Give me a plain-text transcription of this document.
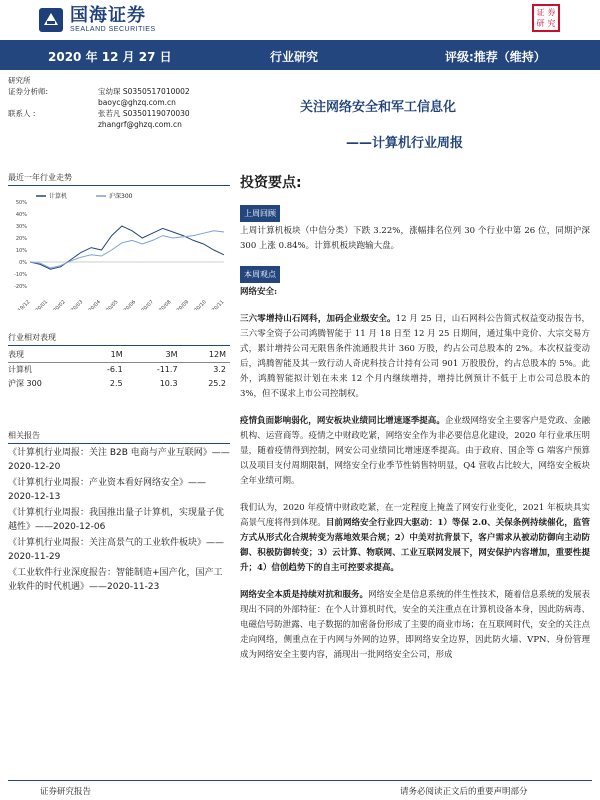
国海证券
SEALAND SECURITIES
证 券
研 究
2020 年 12 月 27 日	行业研究	评级:推荐（维持）
研究所
证券分析师:	宝幼琛 S0350517010002
baoyc@ghzq.com.cn
联系人 :	张若凡 S0350119070030
zhangrf@ghzq.com.cn
关注网络安全和军工信息化
——计算机行业周报
最近一年行业走势
-20%
-10%
0%
10%
20%
30%
40%
50%
19/12 20/01 20/02 20/03 20/04 20/05 20/06 20/07 20/08 20/09 20/10 20/11
计算机	沪深300
行业相对表现
表现	1M	3M	12M
计算机	-6.1	-11.7	3.2
沪深 300	2.5	10.3	25.2
相关报告

《计算机行业周报：关注 B2B 电商与产业互联网》——2020-12-20

《计算机行业周报：产业资本看好网络安全》——2020-12-13

《计算机行业周报：我国推出量子计算机，实现量子优越性》——2020-12-06

《计算机行业周报：关注高景气的工业软件板块》——2020-11-29

《工业软件行业深度报告：智能制造+国产化，国产工业软件的时代机遇》——2020-11-23

投资要点:
上周回顾

上周计算机板块（中信分类）下跌 3.22%，涨幅排名位列 30 个行业中第 26 位，同期沪深 300 上涨 0.84%。计算机板块跑输大盘。

本周观点

网络安全:

三六零增持山石网科，加码企业级安全。12 月 25 日，山石网科公告简式权益变动报告书，三六零全资子公司鸿腾智能于 11 月 18 日至 12 月 25 日期间，通过集中竞价、大宗交易方式，累计增持公司无限售条件流通股共计 360 万股，约占公司总股本的 2%。本次权益变动后，鸿腾智能及其一致行动人奇虎科技合计持有公司 901 万股股份，约占总股本的 5%。此外，鸿腾智能拟计划在未来 12 个月内继续增持，增持比例预计不低于上市公司总股本的 3%，但不谋求上市公司控制权。

疫情負面影响弱化，网安板块业绩同比增速逐季提高。企业级网络安全主要客户是党政、金融机构、运营商等。疫情之中财政吃紧，网络安全作为非必要信息化建设，2020 年行业承压明显，随着疫情得到控制，网安公司业绩同比增速逐季提高。由于政府、国企等 G 端客户预算以及项目支付周期限制，网络安全行业季节性销售特明显，Q4 营收占比较大，网络安全板块全年业绩可期。

我们认为，2020 年疫情中财政吃紧，在一定程度上掩盖了网安行业变化，2021 年板块具实高景气度将得到体现。目前网络安全行业四大驱动：1）等保 2.0、关保条例持续催化，监管方式从形式化合规转变为落地效果合规；2）中美对抗背景下，客户需求从被动防御向主动防御、积极防御转变；3）云计算、物联网、工业互联网发展下，网安保护内容增加，重要性提升；4）信创趋势下的自主可控要求提高。

网络安全本质是持续对抗和服务。网络安全是信息系统的伴生性技术，随着信息系统的发展表现出不同的外部特征：在个人计算机时代，安全的关注重点在计算机设备本身，因此防病毒、电磁信号防泄露、电子数据的加密备份形成了主要的商业市场；在互联网时代，安全的关注点走向网络，侧重点在于内网与外网的边界，即网络安全边界，因此防火墙、VPN、身份管理成为网络安全主要内容，涌现出一批网络安全公司，形成

证券研究报告	请务必阅读正文后的重要声明部分
